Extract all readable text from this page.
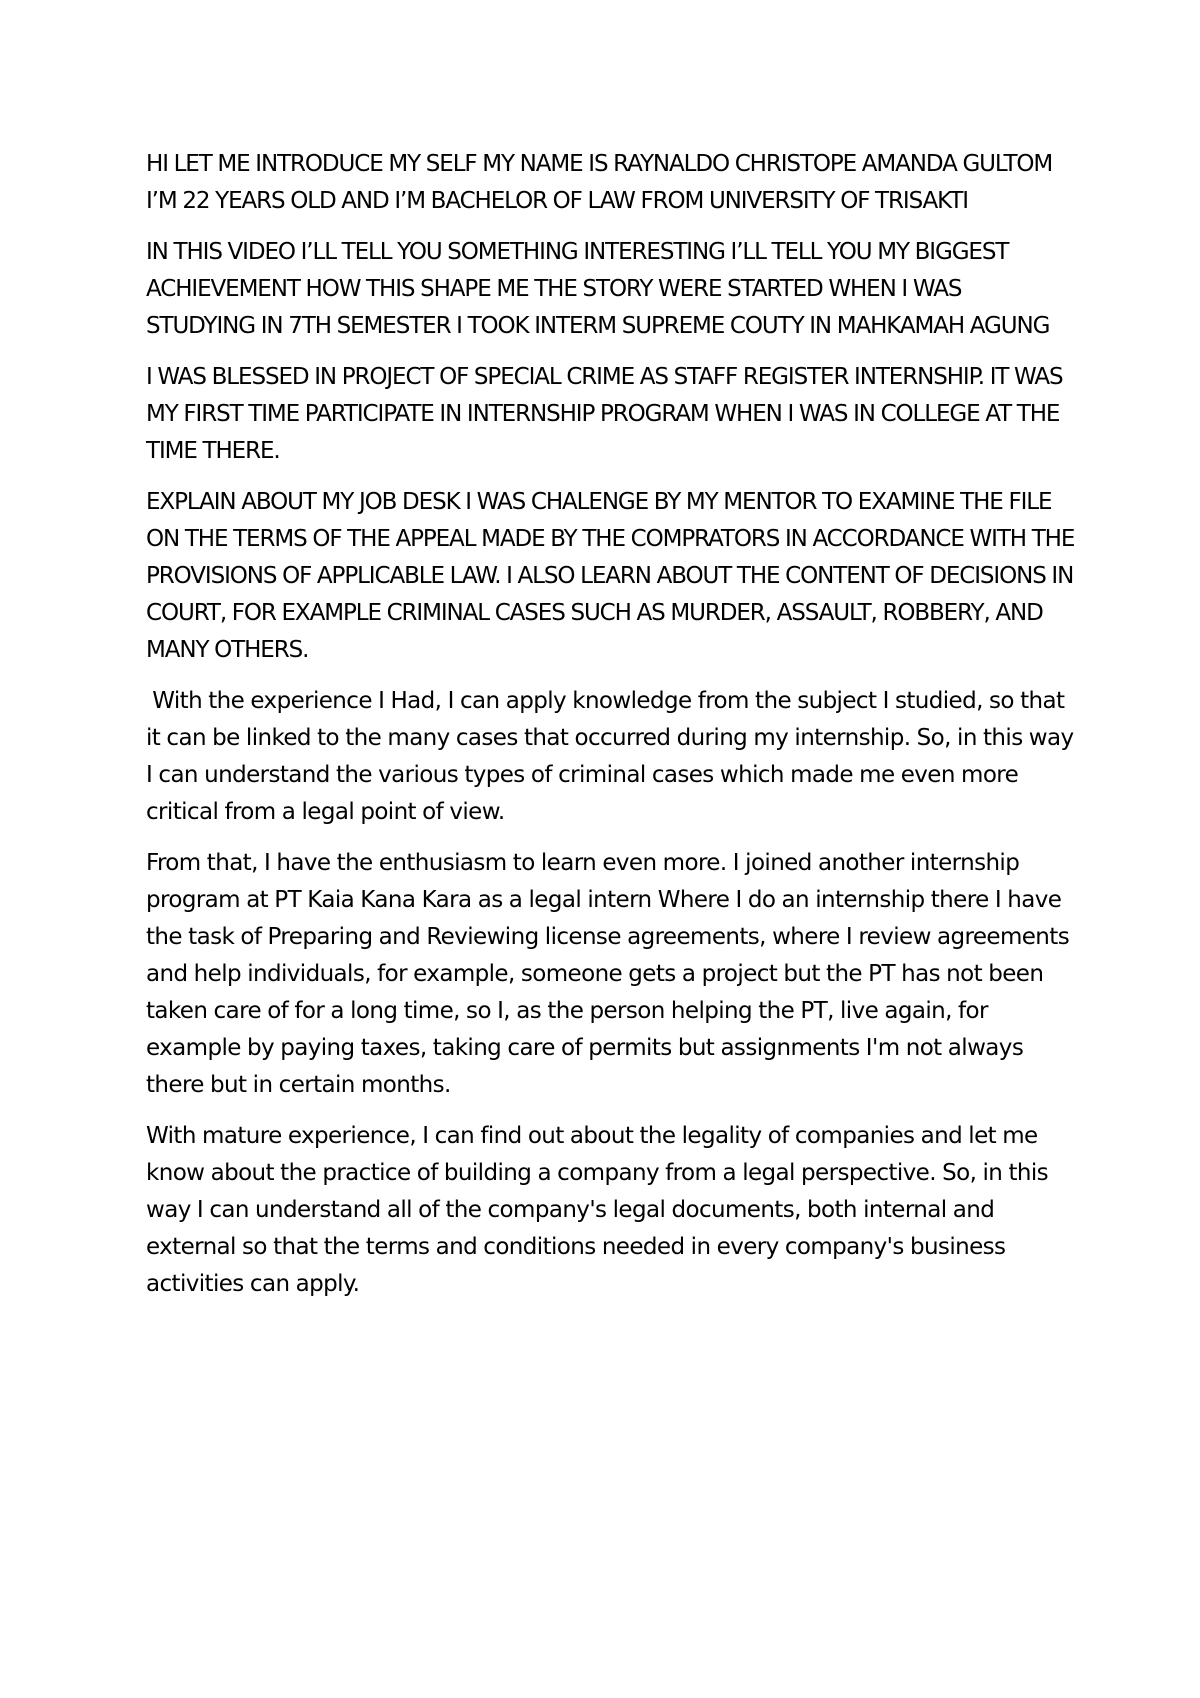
HI LET ME INTRODUCE MY SELF MY NAME IS RAYNALDO CHRISTOPE AMANDA GULTOM I’M 22 YEARS OLD AND I’M BACHELOR OF LAW FROM UNIVERSITY OF TRISAKTI

IN THIS VIDEO I’LL TELL YOU SOMETHING INTERESTING I’LL TELL YOU MY BIGGEST ACHIEVEMENT HOW THIS SHAPE ME THE STORY WERE STARTED WHEN I WAS STUDYING IN 7TH SEMESTER I TOOK INTERM SUPREME COUTY IN MAHKAMAH AGUNG

I WAS BLESSED IN PROJECT OF SPECIAL CRIME AS STAFF REGISTER INTERNSHIP. IT WAS MY FIRST TIME PARTICIPATE IN INTERNSHIP PROGRAM WHEN I WAS IN COLLEGE AT THE TIME THERE.

EXPLAIN ABOUT MY JOB DESK I WAS CHALENGE BY MY MENTOR TO EXAMINE THE FILE ON THE TERMS OF THE APPEAL MADE BY THE COMPRATORS IN ACCORDANCE WITH THE PROVISIONS OF APPLICABLE LAW. I ALSO LEARN ABOUT THE CONTENT OF DECISIONS IN COURT, FOR EXAMPLE CRIMINAL CASES SUCH AS MURDER, ASSAULT, ROBBERY, AND MANY OTHERS.

With the experience I Had, I can apply knowledge from the subject I studied, so that it can be linked to the many cases that occurred during my internship. So, in this way I can understand the various types of criminal cases which made me even more critical from a legal point of view.

From that, I have the enthusiasm to learn even more. I joined another internship program at PT Kaia Kana Kara as a legal intern Where I do an internship there I have the task of Preparing and Reviewing license agreements, where I review agreements and help individuals, for example, someone gets a project but the PT has not been taken care of for a long time, so I, as the person helping the PT, live again, for example by paying taxes, taking care of permits but assignments I'm not always there but in certain months.

With mature experience, I can find out about the legality of companies and let me know about the practice of building a company from a legal perspective. So, in this way I can understand all of the company's legal documents, both internal and external so that the terms and conditions needed in every company's business activities can apply.
